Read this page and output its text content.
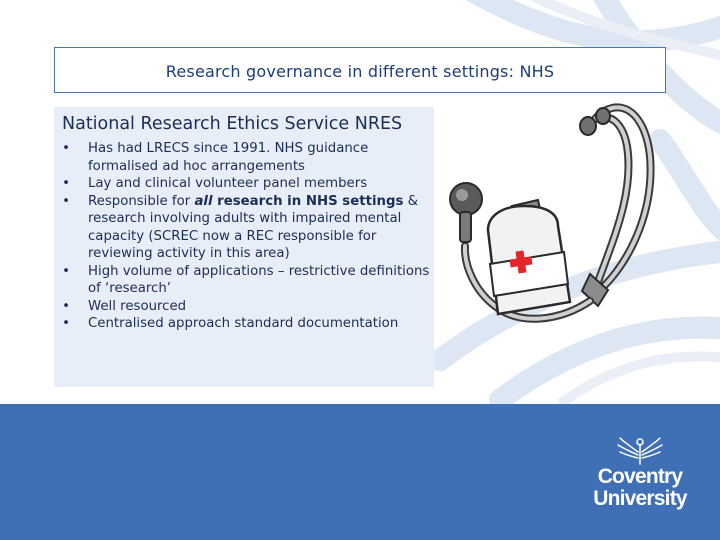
Research governance in different settings: NHS
National Research Ethics Service NRES
• Has had LRECS since 1991. NHS guidance formalised ad hoc arrangements
• Lay and clinical volunteer panel members
• Responsible for all research in NHS settings & research involving adults with impaired mental capacity (SCREC now a REC responsible for reviewing activity in this area)
• High volume of applications – restrictive definitions of ‘research’
• Well resourced
• Centralised approach standard documentation
Coventry
University
